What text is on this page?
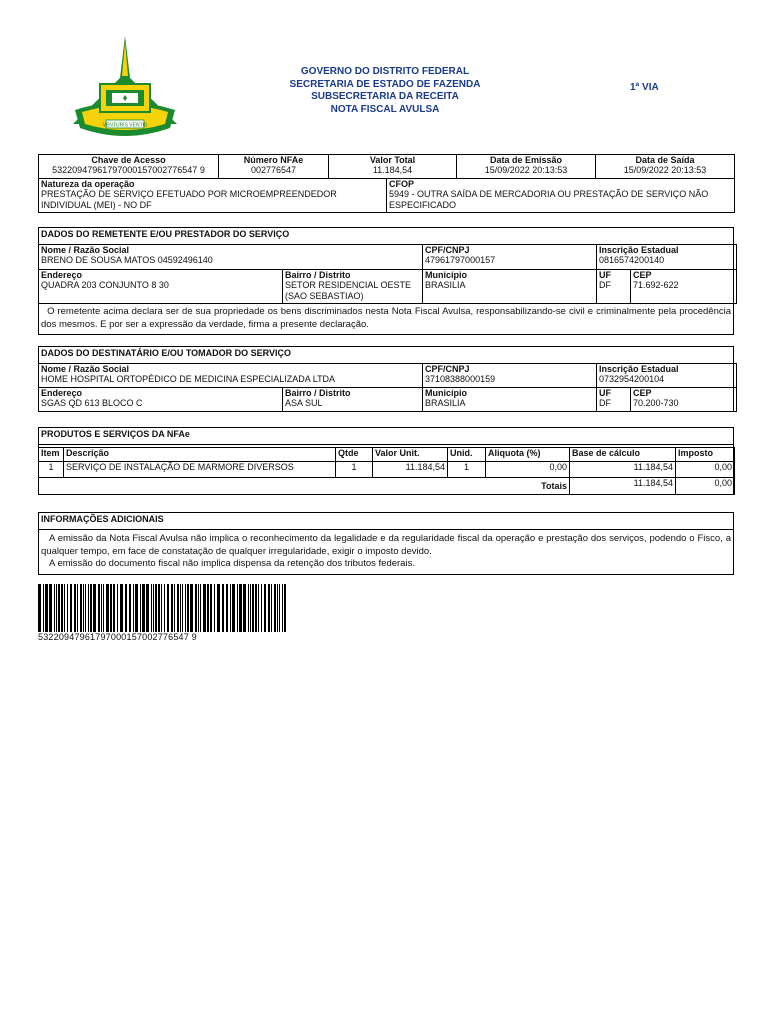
VENTURIS VENTIS
GOVERNO DO DISTRITO FEDERAL
SECRETARIA DE ESTADO DE FAZENDA
SUBSECRETARIA DA RECEITA
NOTA FISCAL AVULSA
1ª VIA
Chave de Acesso
53220947961797000157002776547 9	
Número NFAe
002776547	
Valor Total
11.184,54	
Data de Emissão
15/09/2022 20:13:53	
Data de Saída
15/09/2022 20:13:53
Natureza da operação
PRESTAÇÃO DE SERVIÇO EFETUADO POR MICROEMPREENDEDOR INDIVIDUAL (MEI) - NO DF	
CFOP
5949 - OUTRA SAÍDA DE MERCADORIA OU PRESTAÇÃO DE SERVIÇO NÃO ESPECIFICADO
DADOS DO REMETENTE E/OU PRESTADOR DO SERVIÇO
Nome / Razão Social
BRENO DE SOUSA MATOS 04592496140		CPF/CNPJ
47961797000157	Inscrição Estadual
0816574200140	

Endereço
QUADRA 203 CONJUNTO 8 30	Bairro / Distrito
SETOR RESIDENCIAL OESTE (SAO SEBASTIAO)	Município
BRASILIA	UF
DF	CEP
71.692-622
O remetente acima declara ser de sua propriedade os bens discriminados nesta Nota Fiscal Avulsa, responsabilizando-se civil e criminalmente pela procedência dos mesmos. E por ser a expressão da verdade, firma a presente declaração.
DADOS DO DESTINATÁRIO E/OU TOMADOR DO SERVIÇO
Nome / Razão Social
HOME HOSPITAL ORTOPÉDICO DE MEDICINA ESPECIALIZADA LTDA		CPF/CNPJ
37108388000159	Inscrição Estadual
0732954200104	

Endereço
SGAS QD 613 BLOCO C	Bairro / Distrito
ASA SUL	Município
BRASILIA	UF
DF	CEP
70.200-730
PRODUTOS E SERVIÇOS DA NFAe
Item	Descrição	Qtde	Valor Unit.	Unid.	Alíquota (%)	Base de cálculo	Imposto
1	SERVIÇO DE INSTALAÇÃO DE MARMORE DIVERSOS	1	11.184,54	1	0,00	11.184,54	0,00
Totais						11.184,54	0,00
INFORMAÇÕES ADICIONAIS

A emissão da Nota Fiscal Avulsa não implica o reconhecimento da legalidade e da regularidade fiscal da operação e prestação dos serviços, podendo o Fisco, a qualquer tempo, em face de constatação de qualquer irregularidade, exigir o imposto devido.

A emissão do documento fiscal não implica dispensa da retenção dos tributos federais.

53220947961797000157002776547 9
